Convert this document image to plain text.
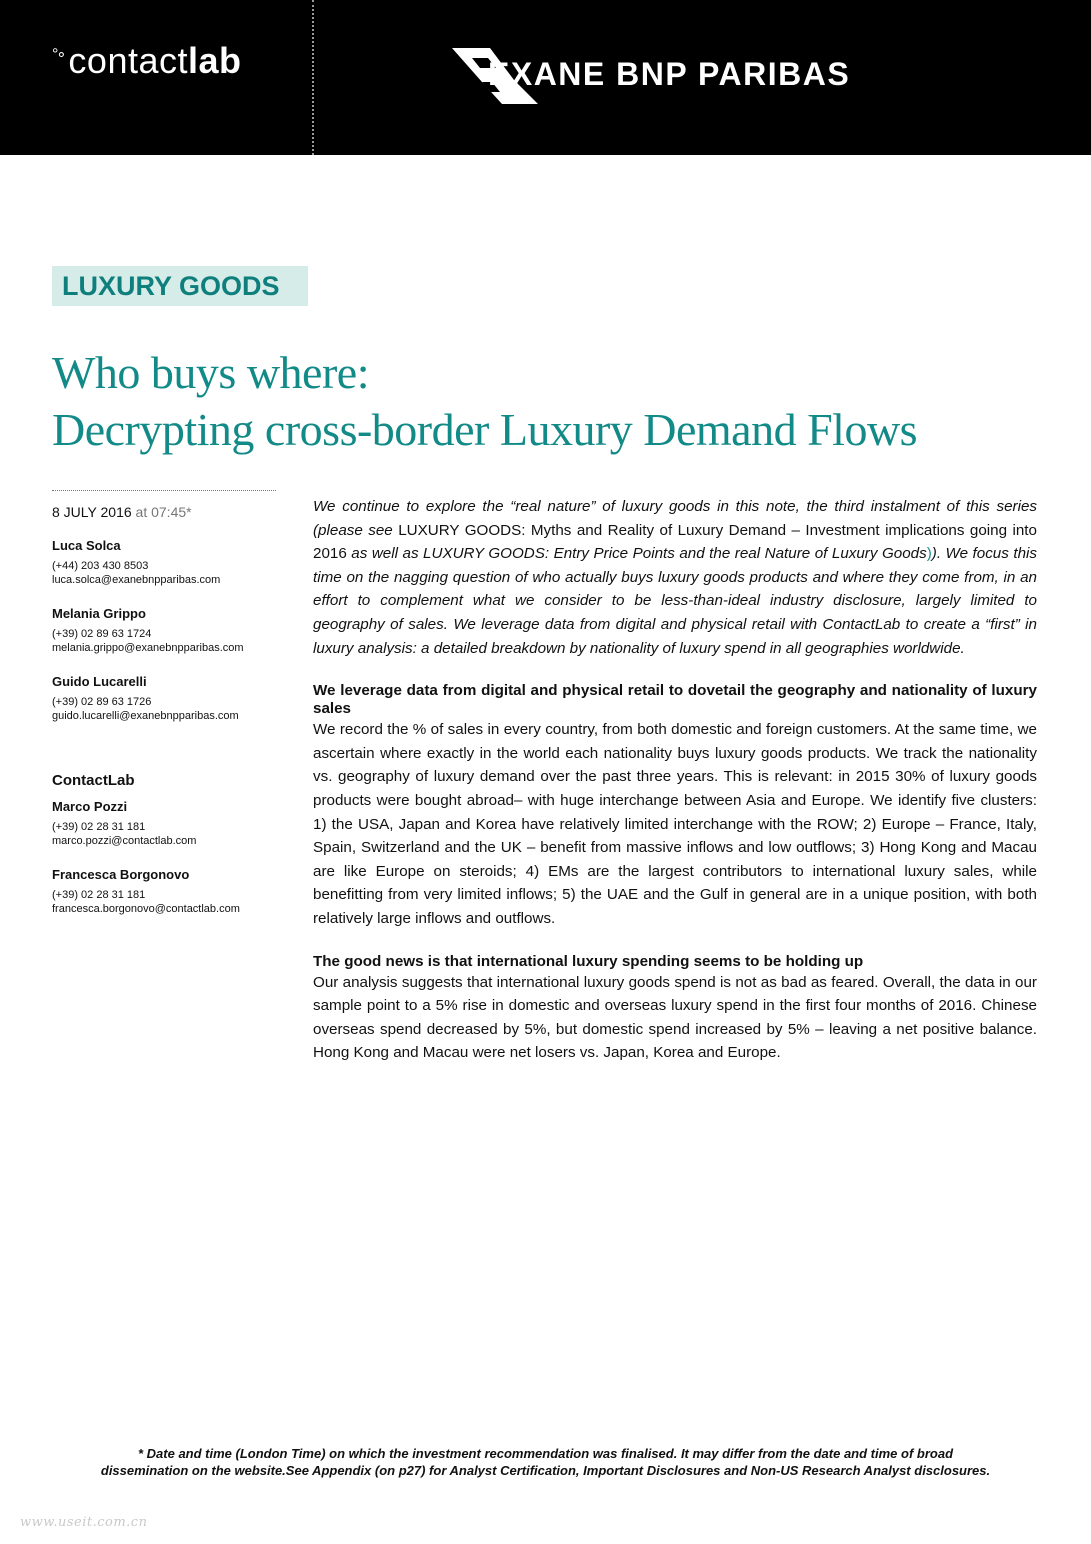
°∘ contact lab	EXANE BNP PARIBAS
LUXURY GOODS
Who buys where:
Decrypting cross-border Luxury Demand Flows
8 JULY 2016 at 07:45*
Luca Solca
(+44) 203 430 8503
luca.solca@exanebnpparibas.com
Melania Grippo
(+39) 02 89 63 1724
melania.grippo@exanebnpparibas.com
Guido Lucarelli
(+39) 02 89 63 1726
guido.lucarelli@exanebnpparibas.com
ContactLab
Marco Pozzi
(+39) 02 28 31 181
marco.pozzi@contactlab.com
Francesca Borgonovo
(+39) 02 28 31 181
francesca.borgonovo@contactlab.com

We continue to explore the “real nature” of luxury goods in this note, the third instalment of this series (please see LUXURY GOODS: Myths and Reality of Luxury Demand – Investment implications going into 2016 as well as LUXURY GOODS: Entry Price Points and the real Nature of Luxury Goods)). We focus this time on the nagging question of who actually buys luxury goods products and where they come from, in an effort to complement what we consider to be less-than-ideal industry disclosure, largely limited to geography of sales. We leverage data from digital and physical retail with ContactLab to create a “first” in luxury analysis: a detailed breakdown by nationality of luxury spend in all geographies worldwide.

We leverage data from digital and physical retail to dovetail the geography and nationality of luxury sales

We record the % of sales in every country, from both domestic and foreign customers. At the same time, we ascertain where exactly in the world each nationality buys luxury goods products. We track the nationality vs. geography of luxury demand over the past three years. This is relevant: in 2015 30% of luxury goods products were bought abroad– with huge interchange between Asia and Europe. We identify five clusters: 1) the USA, Japan and Korea have relatively limited interchange with the ROW; 2) Europe – France, Italy, Spain, Switzerland and the UK – benefit from massive inflows and low outflows; 3) Hong Kong and Macau are like Europe on steroids; 4) EMs are the largest contributors to international luxury sales, while benefitting from very limited inflows; 5) the UAE and the Gulf in general are in a unique position, with both relatively large inflows and outflows.

The good news is that international luxury spending seems to be holding up

Our analysis suggests that international luxury goods spend is not as bad as feared. Overall, the data in our sample point to a 5% rise in domestic and overseas luxury spend in the first four months of 2016. Chinese overseas spend decreased by 5%, but domestic spend increased by 5% – leaving a net positive balance. Hong Kong and Macau were net losers vs. Japan, Korea and Europe.

* Date and time (London Time) on which the investment recommendation was finalised. It may differ from the date and time of broad
dissemination on the website.See Appendix (on p27) for Analyst Certification, Important Disclosures and Non-US Research Analyst disclosures.
www.useit.com.cn
